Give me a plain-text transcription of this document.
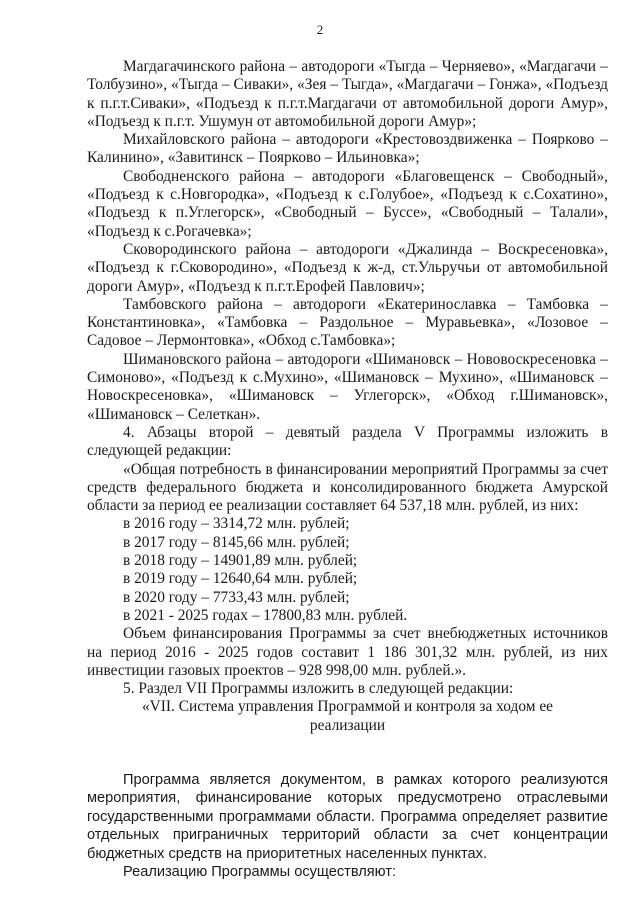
2

Магдагачинского района – автодороги «Тыгда – Черняево», «Магдагачи – Толбузино», «Тыгда – Сиваки», «Зея – Тыгда», «Магдагачи – Гонжа», «Подъезд к п.г.т.Сиваки», «Подъезд к п.г.т.Магдагачи от автомобильной дороги Амур», «Подъезд к п.г.т. Ушумун от автомобильной дороги Амур»;

Михайловского района – автодороги «Крестовоздвиженка – Поярково – Калинино», «Завитинск – Поярково – Ильиновка»;

Свободненского района – автодороги «Благовещенск – Свободный», «Подъезд к с.Новгородка», «Подъезд к с.Голубое», «Подъезд к с.Сохатино», «Подъезд к п.Углегорск», «Свободный – Буссе», «Свободный – Талали», «Подъезд к с.Рогачевка»;

Сковородинского района – автодороги «Джалинда – Воскресеновка», «Подъезд к г.Сковородино», «Подъезд к ж-д, ст.Ульручьи от автомобильной дороги Амур», «Подъезд к п.г.т.Ерофей Павлович»;

Тамбовского района – автодороги «Екатеринославка – Тамбовка – Константиновка», «Тамбовка – Раздольное – Муравьевка», «Лозовое – Садовое – Лермонтовка», «Обход с.Тамбовка»;

Шимановского района – автодороги «Шимановск – Нововоскресеновка – Симоново», «Подъезд к с.Мухино», «Шимановск – Мухино», «Шимановск – Новоскресеновка», «Шимановск – Углегорск», «Обход г.Шимановск», «Шимановск – Селеткан».

4. Абзацы второй – девятый раздела V Программы изложить в следующей редакции:

«Общая потребность в финансировании мероприятий Программы за счет средств федерального бюджета и консолидированного бюджета Амурской области за период ее реализации составляет 64 537,18 млн. рублей, из них:

в 2016 году – 3314,72 млн. рублей;

в 2017 году – 8145,66 млн. рублей;

в 2018 году – 14901,89 млн. рублей;

в 2019 году – 12640,64 млн. рублей;

в 2020 году – 7733,43 млн. рублей;

в 2021 - 2025 годах – 17800,83 млн. рублей.

Объем финансирования Программы за счет внебюджетных источников на период 2016 - 2025 годов составит 1 186 301,32 млн. рублей, из них инвестиции газовых проектов – 928 998,00 млн. рублей.».

5. Раздел VII Программы изложить в следующей редакции:

«VII. Система управления Программой и контроля за ходом ее

реализации

Программа является документом, в рамках которого реализуются мероприятия, финансирование которых предусмотрено отраслевыми государственными программами области. Программа определяет развитие отдельных приграничных территорий области за счет концентрации бюджетных средств на приоритетных населенных пунктах.

Реализацию Программы осуществляют:
